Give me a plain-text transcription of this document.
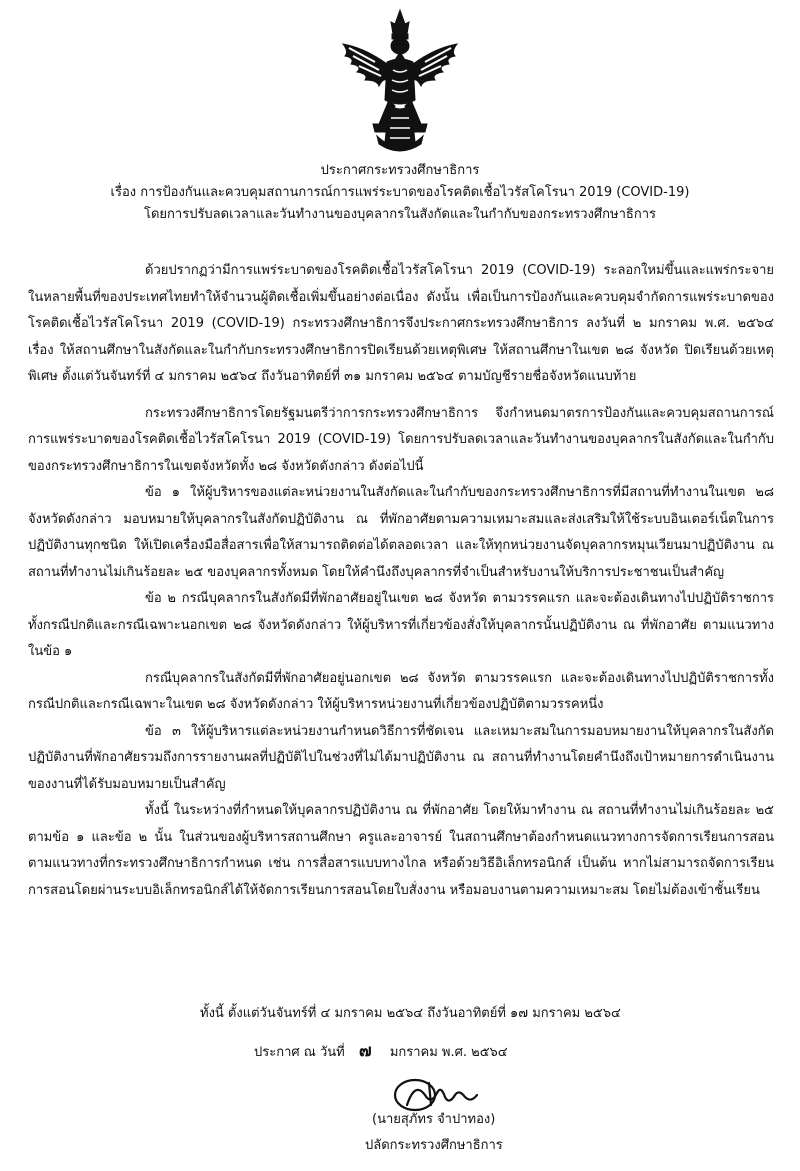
ประกาศกระทรวงศึกษาธิการ
เรื่อง การป้องกันและควบคุมสถานการณ์การแพร่ระบาดของโรคติดเชื้อไวรัสโคโรนา 2019 (COVID-19)
โดยการปรับลดเวลาและวันทำงานของบุคลากรในสังกัดและในกำกับของกระทรวงศึกษาธิการ

ด้วยปรากฏว่ามีการแพร่ระบาดของโรคติดเชื้อไวรัสโคโรนา 2019 (COVID-19) ระลอกใหม่ขึ้นและแพร่กระจายในหลายพื้นที่ของประเทศไทยทำให้จำนวนผู้ติดเชื้อเพิ่มขึ้นอย่างต่อเนื่อง ดังนั้น เพื่อเป็นการป้องกันและควบคุมจำกัดการแพร่ระบาดของโรคติดเชื้อไวรัสโคโรนา 2019 (COVID-19) กระทรวงศึกษาธิการจึงประกาศกระทรวงศึกษาธิการ ลงวันที่ ๒ มกราคม พ.ศ. ๒๕๖๔ เรื่อง ให้สถานศึกษาในสังกัดและในกำกับกระทรวงศึกษาธิการปิดเรียนด้วยเหตุพิเศษ ให้สถานศึกษาในเขต ๒๘ จังหวัด ปิดเรียนด้วยเหตุพิเศษ ตั้งแต่วันจันทร์ที่ ๔ มกราคม ๒๕๖๔ ถึงวันอาทิตย์ที่ ๓๑ มกราคม ๒๕๖๔ ตามบัญชีรายชื่อจังหวัดแนบท้าย

กระทรวงศึกษาธิการโดยรัฐมนตรีว่าการกระทรวงศึกษาธิการ จึงกำหนดมาตรการป้องกันและควบคุมสถานการณ์การแพร่ระบาดของโรคติดเชื้อไวรัสโคโรนา 2019 (COVID-19) โดยการปรับลดเวลาและวันทำงานของบุคลากรในสังกัดและในกำกับของกระทรวงศึกษาธิการในเขตจังหวัดทั้ง ๒๘ จังหวัดดังกล่าว ดังต่อไปนี้

ข้อ ๑ ให้ผู้บริหารของแต่ละหน่วยงานในสังกัดและในกำกับของกระทรวงศึกษาธิการที่มีสถานที่ทำงานในเขต ๒๘ จังหวัดดังกล่าว มอบหมายให้บุคลากรในสังกัดปฏิบัติงาน ณ ที่พักอาศัยตามความเหมาะสมและส่งเสริมให้ใช้ระบบอินเตอร์เน็ตในการปฏิบัติงานทุกชนิด ให้เปิดเครื่องมือสื่อสารเพื่อให้สามารถติดต่อได้ตลอดเวลา และให้ทุกหน่วยงานจัดบุคลากรหมุนเวียนมาปฏิบัติงาน ณ สถานที่ทำงานไม่เกินร้อยละ ๒๕ ของบุคลากรทั้งหมด โดยให้คำนึงถึงบุคลากรที่จำเป็นสำหรับงานให้บริการประชาชนเป็นสำคัญ

ข้อ ๒ กรณีบุคลากรในสังกัดมีที่พักอาศัยอยู่ในเขต ๒๘ จังหวัด ตามวรรคแรก และจะต้องเดินทางไปปฏิบัติราชการทั้งกรณีปกติและกรณีเฉพาะนอกเขต ๒๘ จังหวัดดังกล่าว ให้ผู้บริหารที่เกี่ยวข้องสั่งให้บุคลากรนั้นปฏิบัติงาน ณ ที่พักอาศัย ตามแนวทางในข้อ ๑

กรณีบุคลากรในสังกัดมีที่พักอาศัยอยู่นอกเขต ๒๘ จังหวัด ตามวรรคแรก และจะต้องเดินทางไปปฏิบัติราชการทั้งกรณีปกติและกรณีเฉพาะในเขต ๒๘ จังหวัดดังกล่าว ให้ผู้บริหารหน่วยงานที่เกี่ยวข้องปฏิบัติตามวรรคหนึ่ง

ข้อ ๓ ให้ผู้บริหารแต่ละหน่วยงานกำหนดวิธีการที่ชัดเจน และเหมาะสมในการมอบหมายงานให้บุคลากรในสังกัดปฏิบัติงานที่พักอาศัยรวมถึงการรายงานผลที่ปฏิบัติไปในช่วงที่ไม่ได้มาปฏิบัติงาน ณ สถานที่ทำงานโดยคำนึงถึงเป้าหมายการดำเนินงานของงานที่ได้รับมอบหมายเป็นสำคัญ

ทั้งนี้ ในระหว่างที่กำหนดให้บุคลากรปฏิบัติงาน ณ ที่พักอาศัย โดยให้มาทำงาน ณ สถานที่ทำงานไม่เกินร้อยละ ๒๕ ตามข้อ ๑ และข้อ ๒ นั้น ในส่วนของผู้บริหารสถานศึกษา ครูและอาจารย์ ในสถานศึกษาต้องกำหนดแนวทางการจัดการเรียนการสอนตามแนวทางที่กระทรวงศึกษาธิการกำหนด เช่น การสื่อสารแบบทางไกล หรือด้วยวิธีอิเล็กทรอนิกส์ เป็นต้น หากไม่สามารถจัดการเรียนการสอนโดยผ่านระบบอิเล็กทรอนิกส์ได้ให้จัดการเรียนการสอนโดยใบสั่งงาน หรือมอบงานตามความเหมาะสม โดยไม่ต้องเข้าชั้นเรียน

ทั้งนี้ ตั้งแต่วันจันทร์ที่ ๔ มกราคม ๒๕๖๔ ถึงวันอาทิตย์ที่ ๑๗ มกราคม ๒๕๖๔
ประกาศ ณ วันที่ ๗ มกราคม พ.ศ. ๒๕๖๔
(นายสุภัทร จำปาทอง)
ปลัดกระทรวงศึกษาธิการ
